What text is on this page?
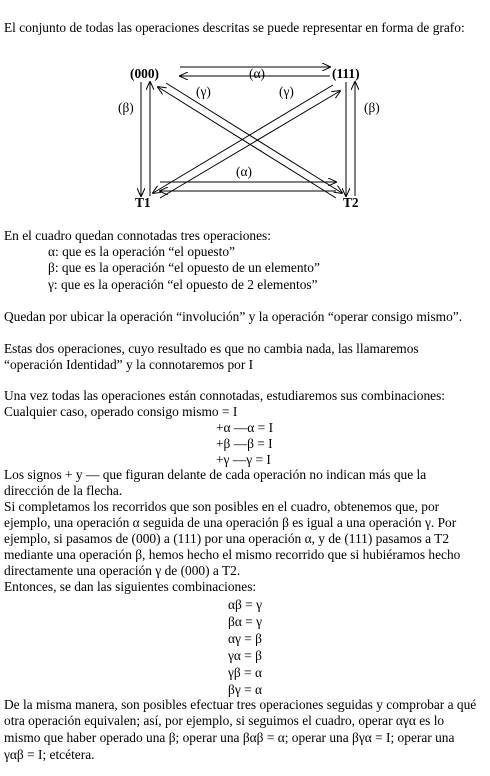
El conjunto de todas las operaciones descritas se puede representar en forma de grafo:
(000)	(111)
T1	T2
(α)
(α)
(β)	(β)
(γ)	(γ)
En el cuadro quedan connotadas tres operaciones:
α: que es la operación “el opuesto”
β: que es la operación “el opuesto de un elemento”
γ: que es la operación “el opuesto de 2 elementos”
Quedan por ubicar la operación “involución” y la operación “operar consigo mismo”.
Estas dos operaciones, cuyo resultado es que no cambia nada, las llamaremos
“operación Identidad” y la connotaremos por I
Una vez todas las operaciones están connotadas, estudiaremos sus combinaciones:
Cualquier caso, operado consigo mismo = I
+α —α = I
+β —β = I
+γ —γ = I
Los signos + y — que figuran delante de cada operación no indican más que la
dirección de la flecha.
Si completamos los recorridos que son posibles en el cuadro, obtenemos que, por
ejemplo, una operación α seguida de una operación β es igual a una operación γ. Por
ejemplo, si pasamos de (000) a (111) por una operación α, y de (111) pasamos a T2
mediante una operación β, hemos hecho el mismo recorrido que si hubiéramos hecho
directamente una operación γ de (000) a T2.
Entonces, se dan las siguientes combinaciones:
αβ = γ
βα = γ
αγ = β
γα = β
γβ = α
βγ = α
De la misma manera, son posibles efectuar tres operaciones seguidas y comprobar a qué
otra operación equivalen; así, por ejemplo, si seguimos el cuadro, operar αγα es lo
mismo que haber operado una β; operar una βαβ = α; operar una βγα = I; operar una
γαβ = I; etcétera.
